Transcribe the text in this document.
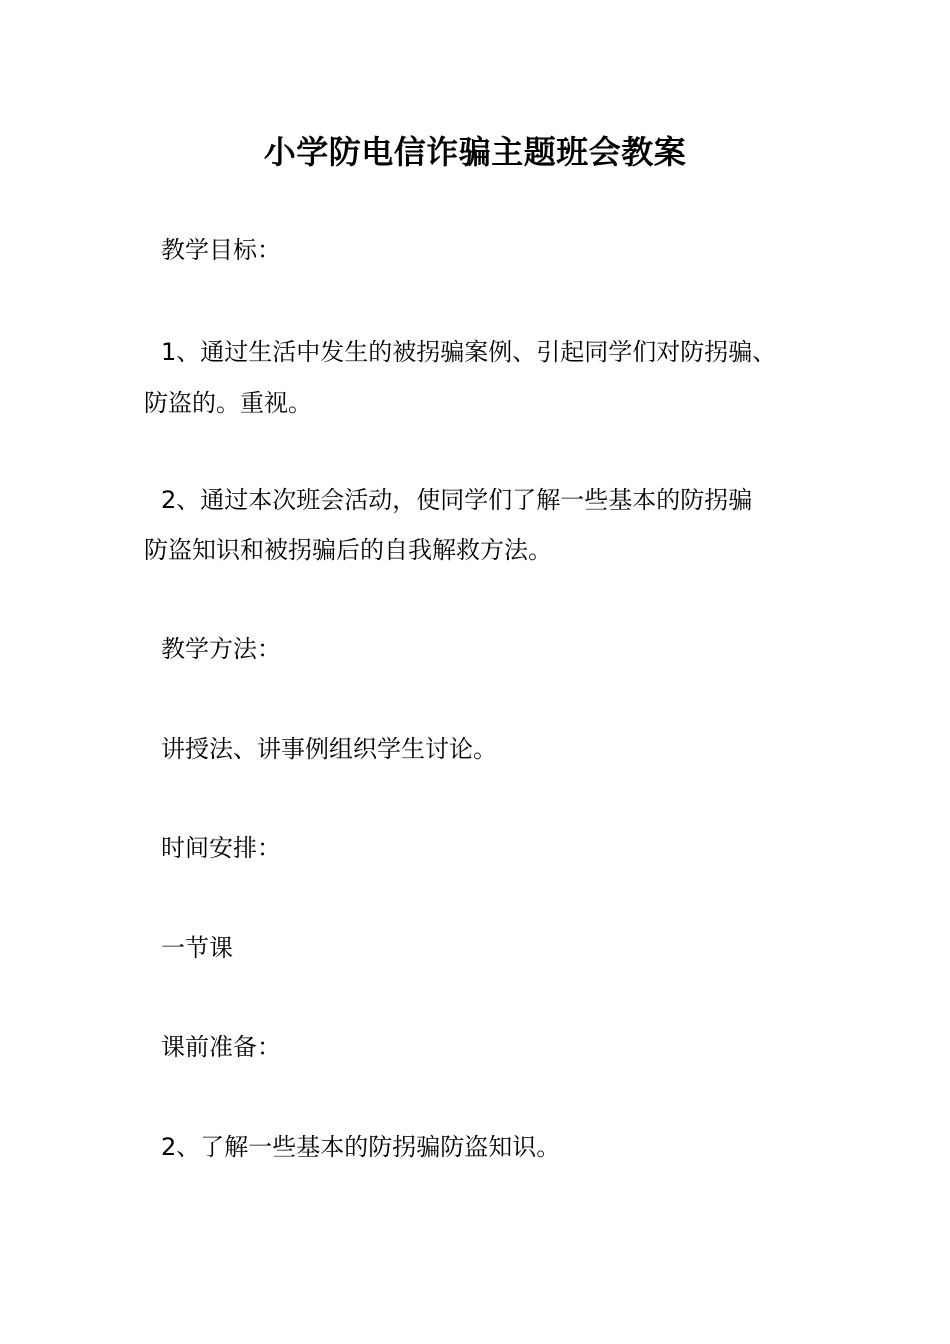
小学防电信诈骗主题班会教案
教学目标：
1、通过生活中发生的被拐骗案例、引起同学们对防拐骗、
防盗的。重视。
2、通过本次班会活动，使同学们了解一些基本的防拐骗
防盗知识和被拐骗后的自我解救方法。
教学方法：
讲授法、讲事例组织学生讨论。
时间安排：
一节课
课前准备：
2、了解一些基本的防拐骗防盗知识。
